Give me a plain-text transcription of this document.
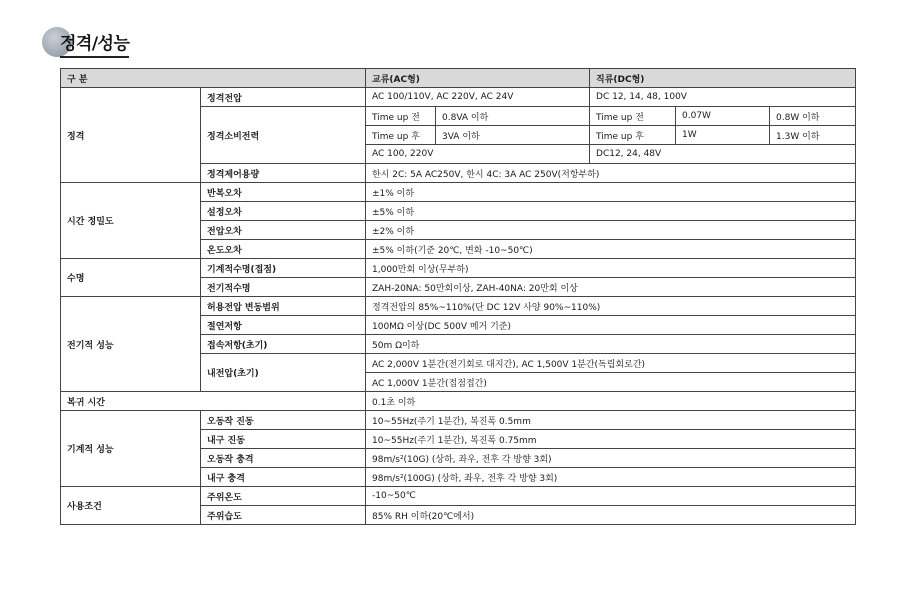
정격/성능
구 분		교류(AC형)		직류(DC형)		
정격	정격전압	AC 100/110V, AC 220V, AC 24V		DC 12, 14, 48, 100V		
	정격소비전력	Time up 전	0.8VA 이하	Time up 전	0.07W	0.8W 이하
		Time up 후	3VA 이하	Time up 후	1W	1.3W 이하
		AC 100, 220V		DC12, 24, 48V		
	정격제어용량	한시 2C: 5A AC250V, 한시 4C: 3A AC 250V(저항부하)				
시간 정밀도	반복오차	±1% 이하				
	설정오차	±5% 이하				
	전압오차	±2% 이하				
	온도오차	±5% 이하(기준 20℃, 변화 -10~50℃)				
수명	기계적수명(접점)	1,000만회 이상(무부하)				
	전기적수명	ZAH-20NA: 50만회이상, ZAH-40NA: 20만회 이상				
전기적 성능	허용전압 변동범위	정격전압의 85%~110%(단 DC 12V 사양 90%~110%)				
	절연저항	100MΩ 이상(DC 500V 메거 기준)				
	접속저항(초기)	50m Ω이하				
	내전압(초기)	AC 2,000V 1분간(전기회로 대지간), AC 1,500V 1분간(독립회로간)				
		AC 1,000V 1분간(접점접간)				
복귀 시간		0.1초 이하				
기계적 성능	오동작 진동	10~55Hz(주기 1분간), 복진폭 0.5mm				
	내구 진동	10~55Hz(주기 1분간), 복진폭 0.75mm				
	오동작 충격	98m/s²(10G) (상하, 좌우, 전후 각 방향 3회)				
	내구 충격	98m/s²(100G) (상하, 좌우, 전후 각 방향 3회)				
사용조건	주위온도	-10~50℃				
	주위습도	85% RH 이하(20℃에서)				
